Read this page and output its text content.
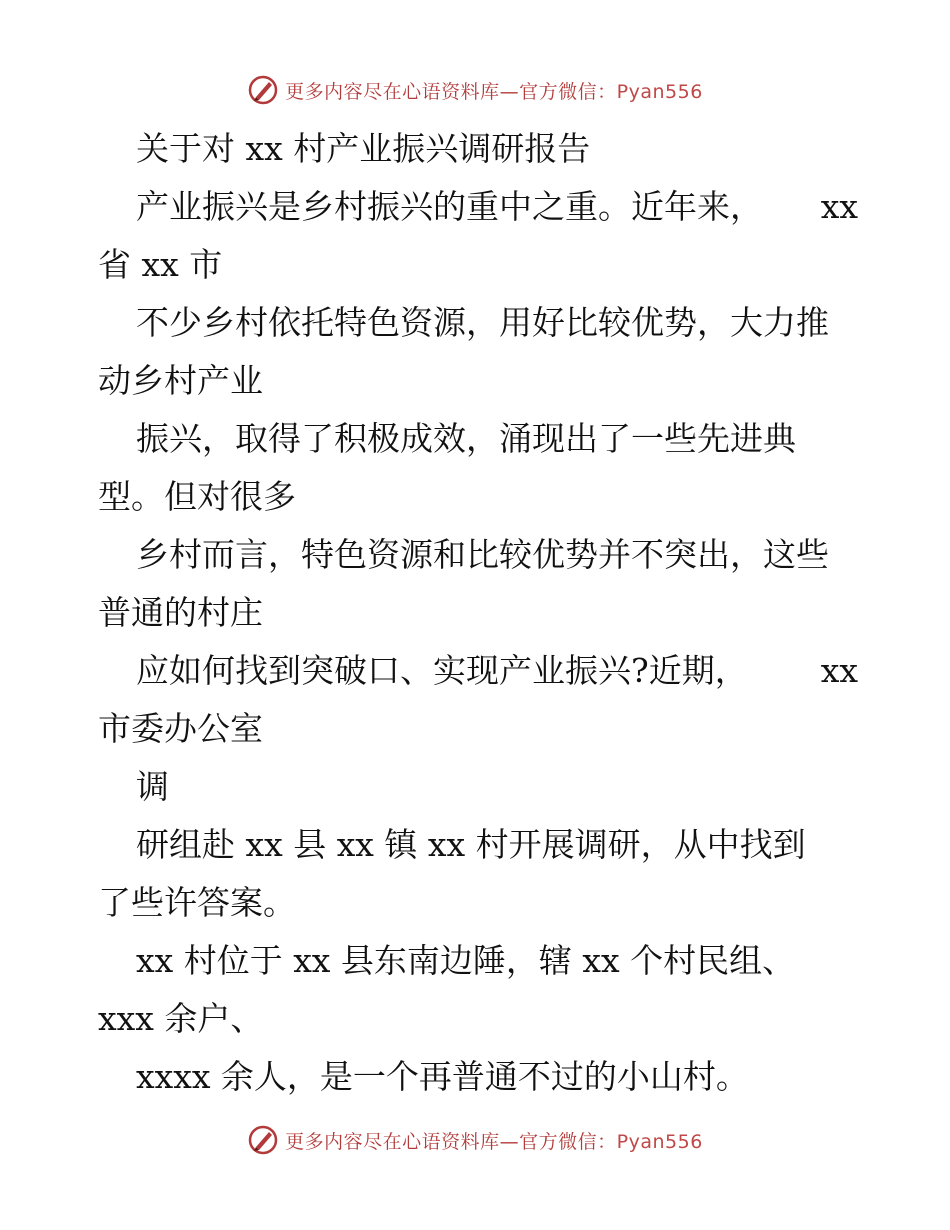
更多内容尽在心语资料库—官方微信：Pyan556
关于对 xx 村产业振兴调研报告
产业振兴是乡村振兴的重中之重。近年来， xx
省 xx 市
不少乡村依托特色资源，用好比较优势，大力推
动乡村产业
振兴，取得了积极成效，涌现出了一些先进典
型。但对很多
乡村而言，特色资源和比较优势并不突出，这些
普通的村庄
应如何找到突破口、实现产业振兴?近期， xx
市委办公室
调
研组赴 xx 县 xx 镇 xx 村开展调研，从中找到
了些许答案。
xx 村位于 xx 县东南边陲，辖 xx 个村民组、
xxx 余户、
xxxx 余人，是一个再普通不过的小山村。
更多内容尽在心语资料库—官方微信：Pyan556
